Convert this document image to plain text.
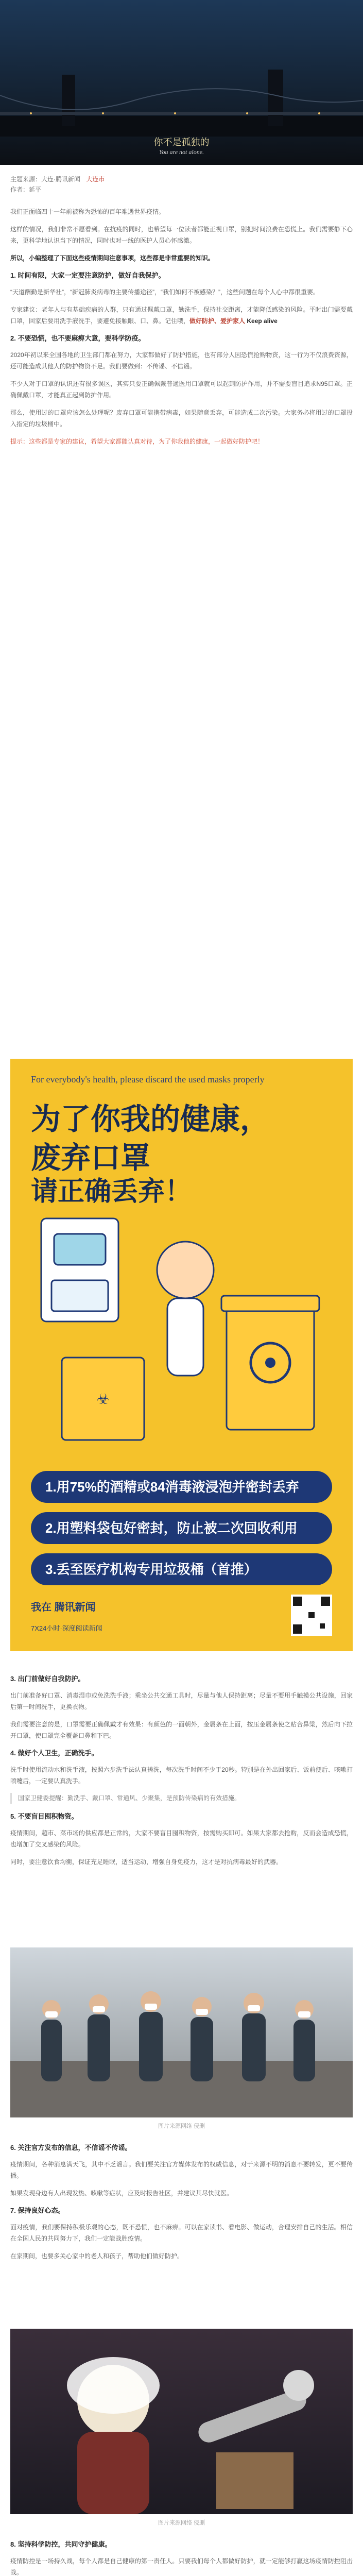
你不是孤独的
You are not alone.
主题来源：大连·腾讯新闻 大连市
作者：延平

我们正面临四十一年前被称为恐怖的百年难遇世界疫情。

这样的情况，我们非常不愿看到。在抗疫的同时，也希望每一位读者都能正视口罩，别把时间浪费在恐慌上。我们需要静下心来，更科学地认识当下的情况，同时也对一线的医护人员心怀感激。

所以，小编整理了下面这些疫情期间注意事项，这些都是非常重要的知识。

1. 时间有限，大家一定要注意防护，做好自我保护。

“天道酬勤是新华社”，“新冠肺炎病毒的主要传播途径”，“我们如何不被感染？”，这些问题在每个人心中都很重要。

专家建议：老年人与有基础疾病的人群，只有通过佩戴口罩，勤洗手，保持社交距离，才能降低感染的风险。平时出门需要戴口罩，回家后要用洗手液洗手，要避免接触眼、口、鼻。记住哦，做好防护、爱护家人 Keep alive

2. 不要恐慌，也不要麻痹大意，要科学防疫。

2020年初以来全国各地的卫生部门都在努力，大家都做好了防护措施，也有部分人因恐慌抢购物资，这一行为不仅浪费资源，还可能造成其他人的防护物资不足。我们要做到：不传谣、不信谣。

不少人对于口罩的认识还有很多误区，其实只要正确佩戴普通医用口罩就可以起到防护作用，并不需要盲目追求N95口罩。正确佩戴口罩，才能真正起到防护作用。

那么，使用过的口罩应该怎么处理呢？废弃口罩可能携带病毒，如果随意丢弃，可能造成二次污染。大家务必将用过的口罩投入指定的垃圾桶中。

提示：这些都是专家的建议，希望大家都能认真对待，为了你我他的健康，一起做好防护吧！

For everybody's health, please discard the used masks properly
为了你我的健康，
废弃口罩
请正确丢弃！
☣
1.用75%的酒精或84消毒液浸泡并密封丢弃
2.用塑料袋包好密封，防止被二次回收利用
3.丢至医疗机构专用垃圾桶（首推）
我在 腾讯新闻
7X24小时·深度阅读新闻
3. 出门前做好自我防护。

出门前准备好口罩、消毒湿巾或免洗洗手液；乘坐公共交通工具时，尽量与他人保持距离；尽量不要用手触摸公共设施，回家后第一时间洗手，更换衣物。

我们需要注意的是，口罩需要正确佩戴才有效果：有颜色的一面朝外，金属条在上面，按压金属条使之贴合鼻梁，然后向下拉开口罩，使口罩完全覆盖口鼻和下巴。

4. 做好个人卫生，正确洗手。

洗手时使用流动水和洗手液，按照六步洗手法认真搓洗，每次洗手时间不少于20秒。特别是在外出回家后、饭前便后、咳嗽打喷嚏后，一定要认真洗手。

国家卫健委提醒：勤洗手、戴口罩、常通风、少聚集，是预防传染病的有效措施。
5. 不要盲目囤积物资。

疫情期间，超市、菜市场的供应都是正常的，大家不要盲目囤积物资，按需购买即可。如果大家都去抢购，反而会造成恐慌，也增加了交叉感染的风险。

同时，要注意饮食均衡，保证充足睡眠，适当运动，增强自身免疫力，这才是对抗病毒最好的武器。

图片来源网络 侵删
6. 关注官方发布的信息，不信谣不传谣。

疫情期间，各种消息满天飞，其中不乏谣言。我们要关注官方媒体发布的权威信息，对于来源不明的消息不要转发，更不要传播。

如果发现身边有人出现发热、咳嗽等症状，应及时报告社区，并建议其尽快就医。

7. 保持良好心态。

面对疫情，我们要保持积极乐观的心态，既不恐慌，也不麻痹。可以在家读书、看电影、做运动，合理安排自己的生活。相信在全国人民的共同努力下，我们一定能战胜疫情。

在家期间，也要多关心家中的老人和孩子，帮助他们做好防护。

图片来源网络 侵删
8. 坚持科学防控，共同守护健康。

疫情防控是一场持久战，每个人都是自己健康的第一责任人。只要我们每个人都做好防护，就一定能够打赢这场疫情防控阻击战。
